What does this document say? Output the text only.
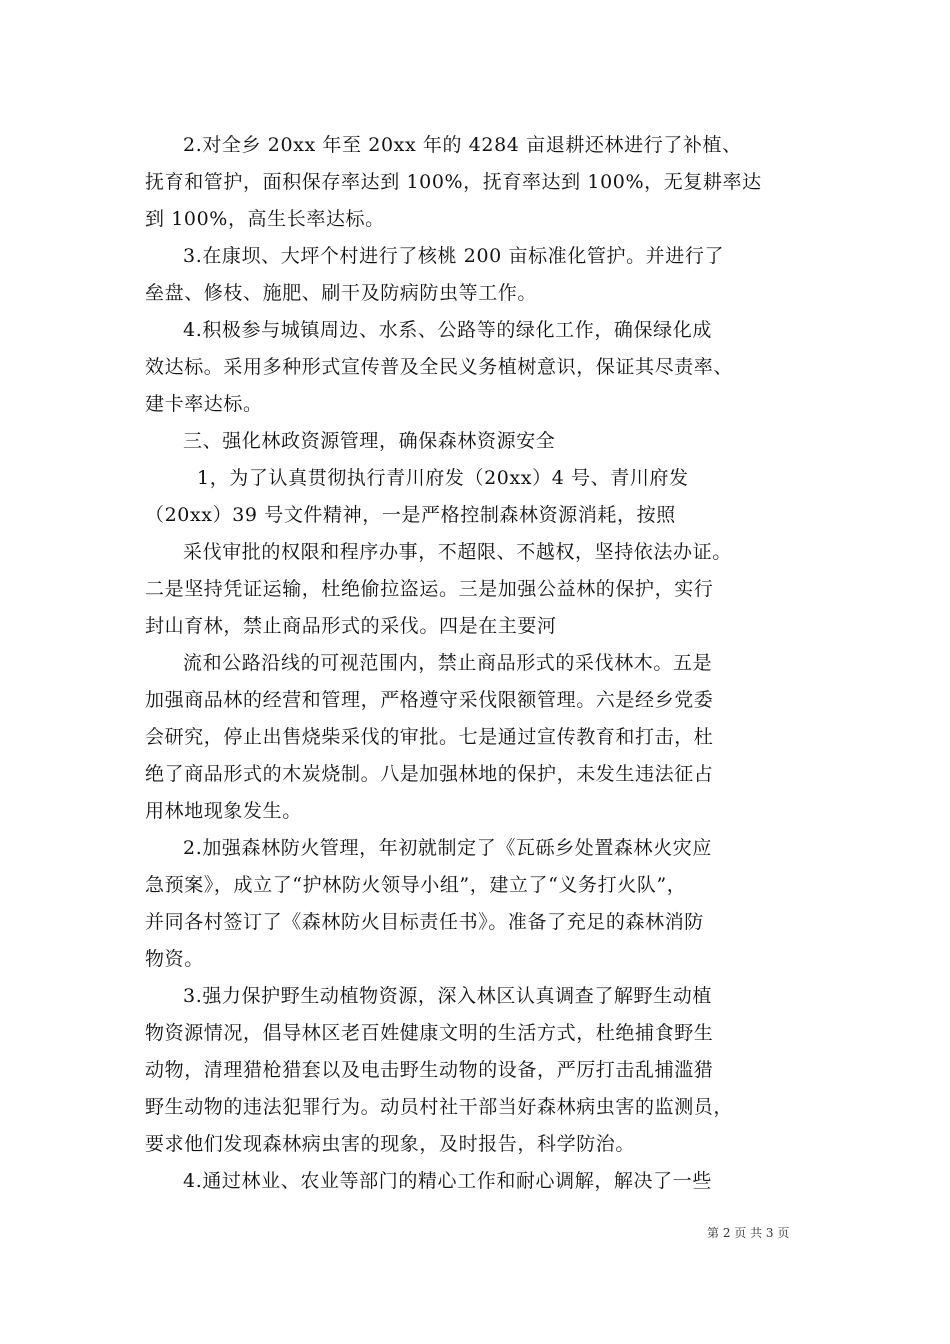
2.对全乡 20xx 年至 20xx 年的 4284 亩退耕还林进行了补植、
抚育和管护，面积保存率达到 100%，抚育率达到 100%，无复耕率达
到 100%，高生长率达标。

3.在康坝、大坪个村进行了核桃 200 亩标准化管护。并进行了
垒盘、修枝、施肥、刷干及防病防虫等工作。

4.积极参与城镇周边、水系、公路等的绿化工作，确保绿化成
效达标。采用多种形式宣传普及全民义务植树意识，保证其尽责率、
建卡率达标。

三、强化林政资源管理，确保森林资源安全

1，为了认真贯彻执行青川府发（20xx）4 号、青川府发
（20xx）39 号文件精神，一是严格控制森林资源消耗，按照

采伐审批的权限和程序办事，不超限、不越权，坚持依法办证。
二是坚持凭证运输，杜绝偷拉盗运。三是加强公益林的保护，实行
封山育林，禁止商品形式的采伐。四是在主要河

流和公路沿线的可视范围内，禁止商品形式的采伐林木。五是
加强商品林的经营和管理，严格遵守采伐限额管理。六是经乡党委
会研究，停止出售烧柴采伐的审批。七是通过宣传教育和打击，杜
绝了商品形式的木炭烧制。八是加强林地的保护，未发生违法征占
用林地现象发生。

2.加强森林防火管理，年初就制定了《瓦砾乡处置森林火灾应
急预案》，成立了“护林防火领导小组”，建立了“义务打火队”，
并同各村签订了《森林防火目标责任书》。准备了充足的森林消防
物资。

3.强力保护野生动植物资源，深入林区认真调查了解野生动植
物资源情况，倡导林区老百姓健康文明的生活方式，杜绝捕食野生
动物，清理猎枪猎套以及电击野生动物的设备，严厉打击乱捕滥猎
野生动物的违法犯罪行为。动员村社干部当好森林病虫害的监测员，
要求他们发现森林病虫害的现象，及时报告，科学防治。

4.通过林业、农业等部门的精心工作和耐心调解，解决了一些

第 2 页 共 3 页
